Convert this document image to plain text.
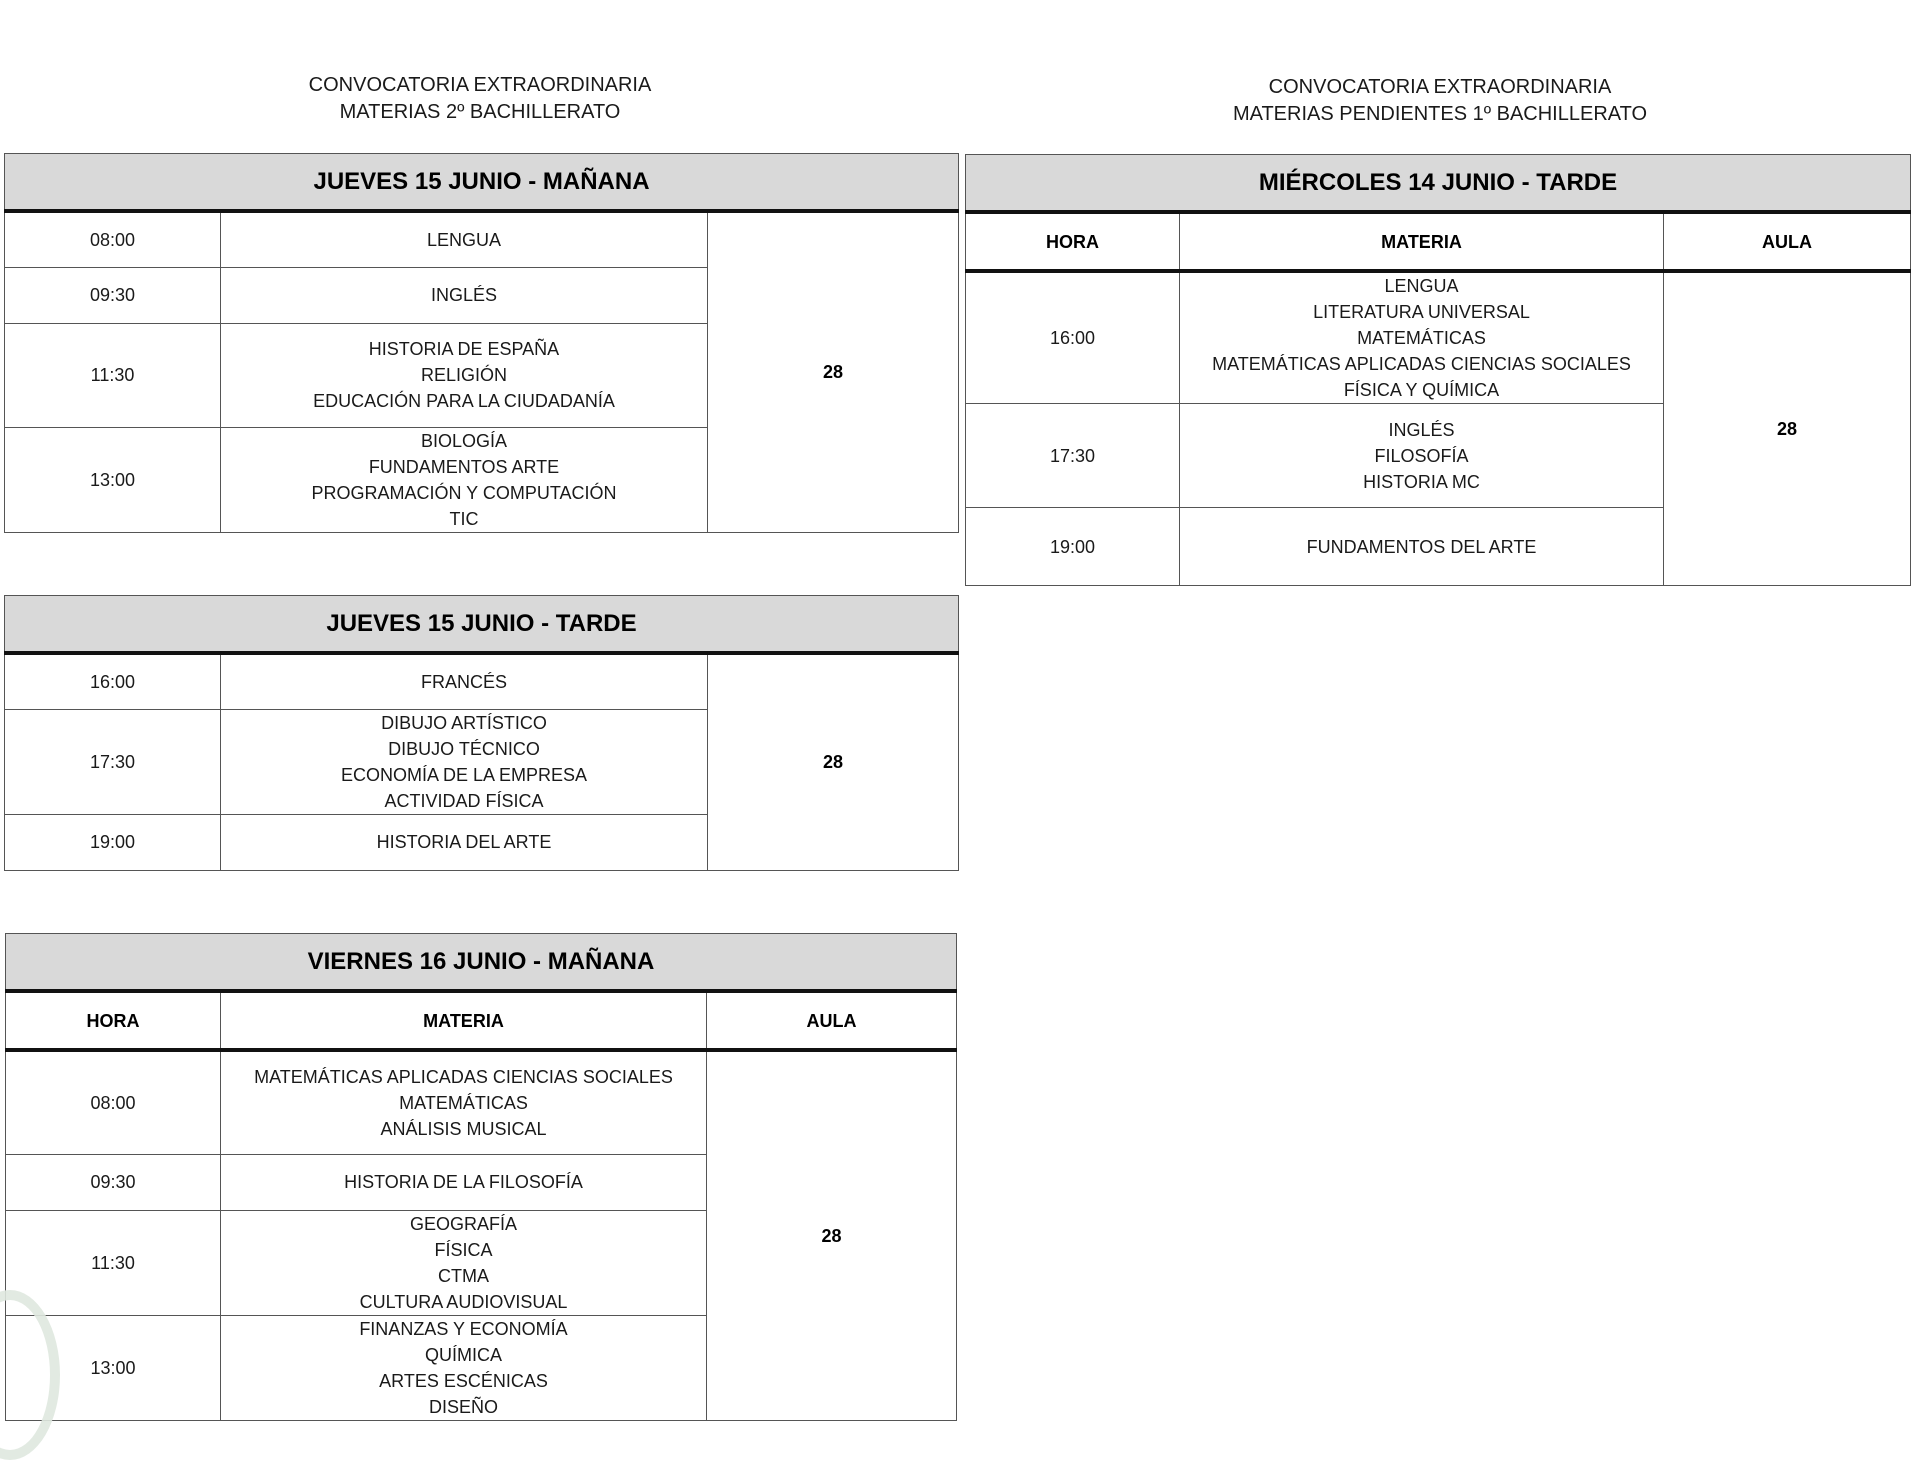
CONVOCATORIA EXTRAORDINARIA
MATERIAS 2º BACHILLERATO
CONVOCATORIA EXTRAORDINARIA
MATERIAS PENDIENTES 1º BACHILLERATO
JUEVES 15 JUNIO - MAÑANA		
08:00	LENGUA	28
09:30	INGLÉS	

11:30	HISTORIA DE ESPAÑA
RELIGIÓN
EDUCACIÓN PARA LA CIUDADANÍA	

13:00	BIOLOGÍA
FUNDAMENTOS ARTE
PROGRAMACIÓN Y COMPUTACIÓN
TIC	
JUEVES 15 JUNIO - TARDE		
16:00	FRANCÉS	28
17:30	DIBUJO ARTÍSTICO
DIBUJO TÉCNICO
ECONOMÍA DE LA EMPRESA
ACTIVIDAD FÍSICA	

19:00	HISTORIA DEL ARTE	
VIERNES 16 JUNIO - MAÑANA		
HORA	MATERIA	AULA
08:00	MATEMÁTICAS APLICADAS CIENCIAS SOCIALES
MATEMÁTICAS
ANÁLISIS MUSICAL	28
09:30	HISTORIA DE LA FILOSOFÍA	

11:30	GEOGRAFÍA
FÍSICA
CTMA
CULTURA AUDIOVISUAL	

13:00	FINANZAS Y ECONOMÍA
QUÍMICA
ARTES ESCÉNICAS
DISEÑO	
MIÉRCOLES 14 JUNIO - TARDE		
HORA	MATERIA	AULA
16:00	LENGUA
LITERATURA UNIVERSAL
MATEMÁTICAS
MATEMÁTICAS APLICADAS CIENCIAS SOCIALES
FÍSICA Y QUÍMICA	28
17:30	INGLÉS
FILOSOFÍA
HISTORIA MC	

19:00	FUNDAMENTOS DEL ARTE	
